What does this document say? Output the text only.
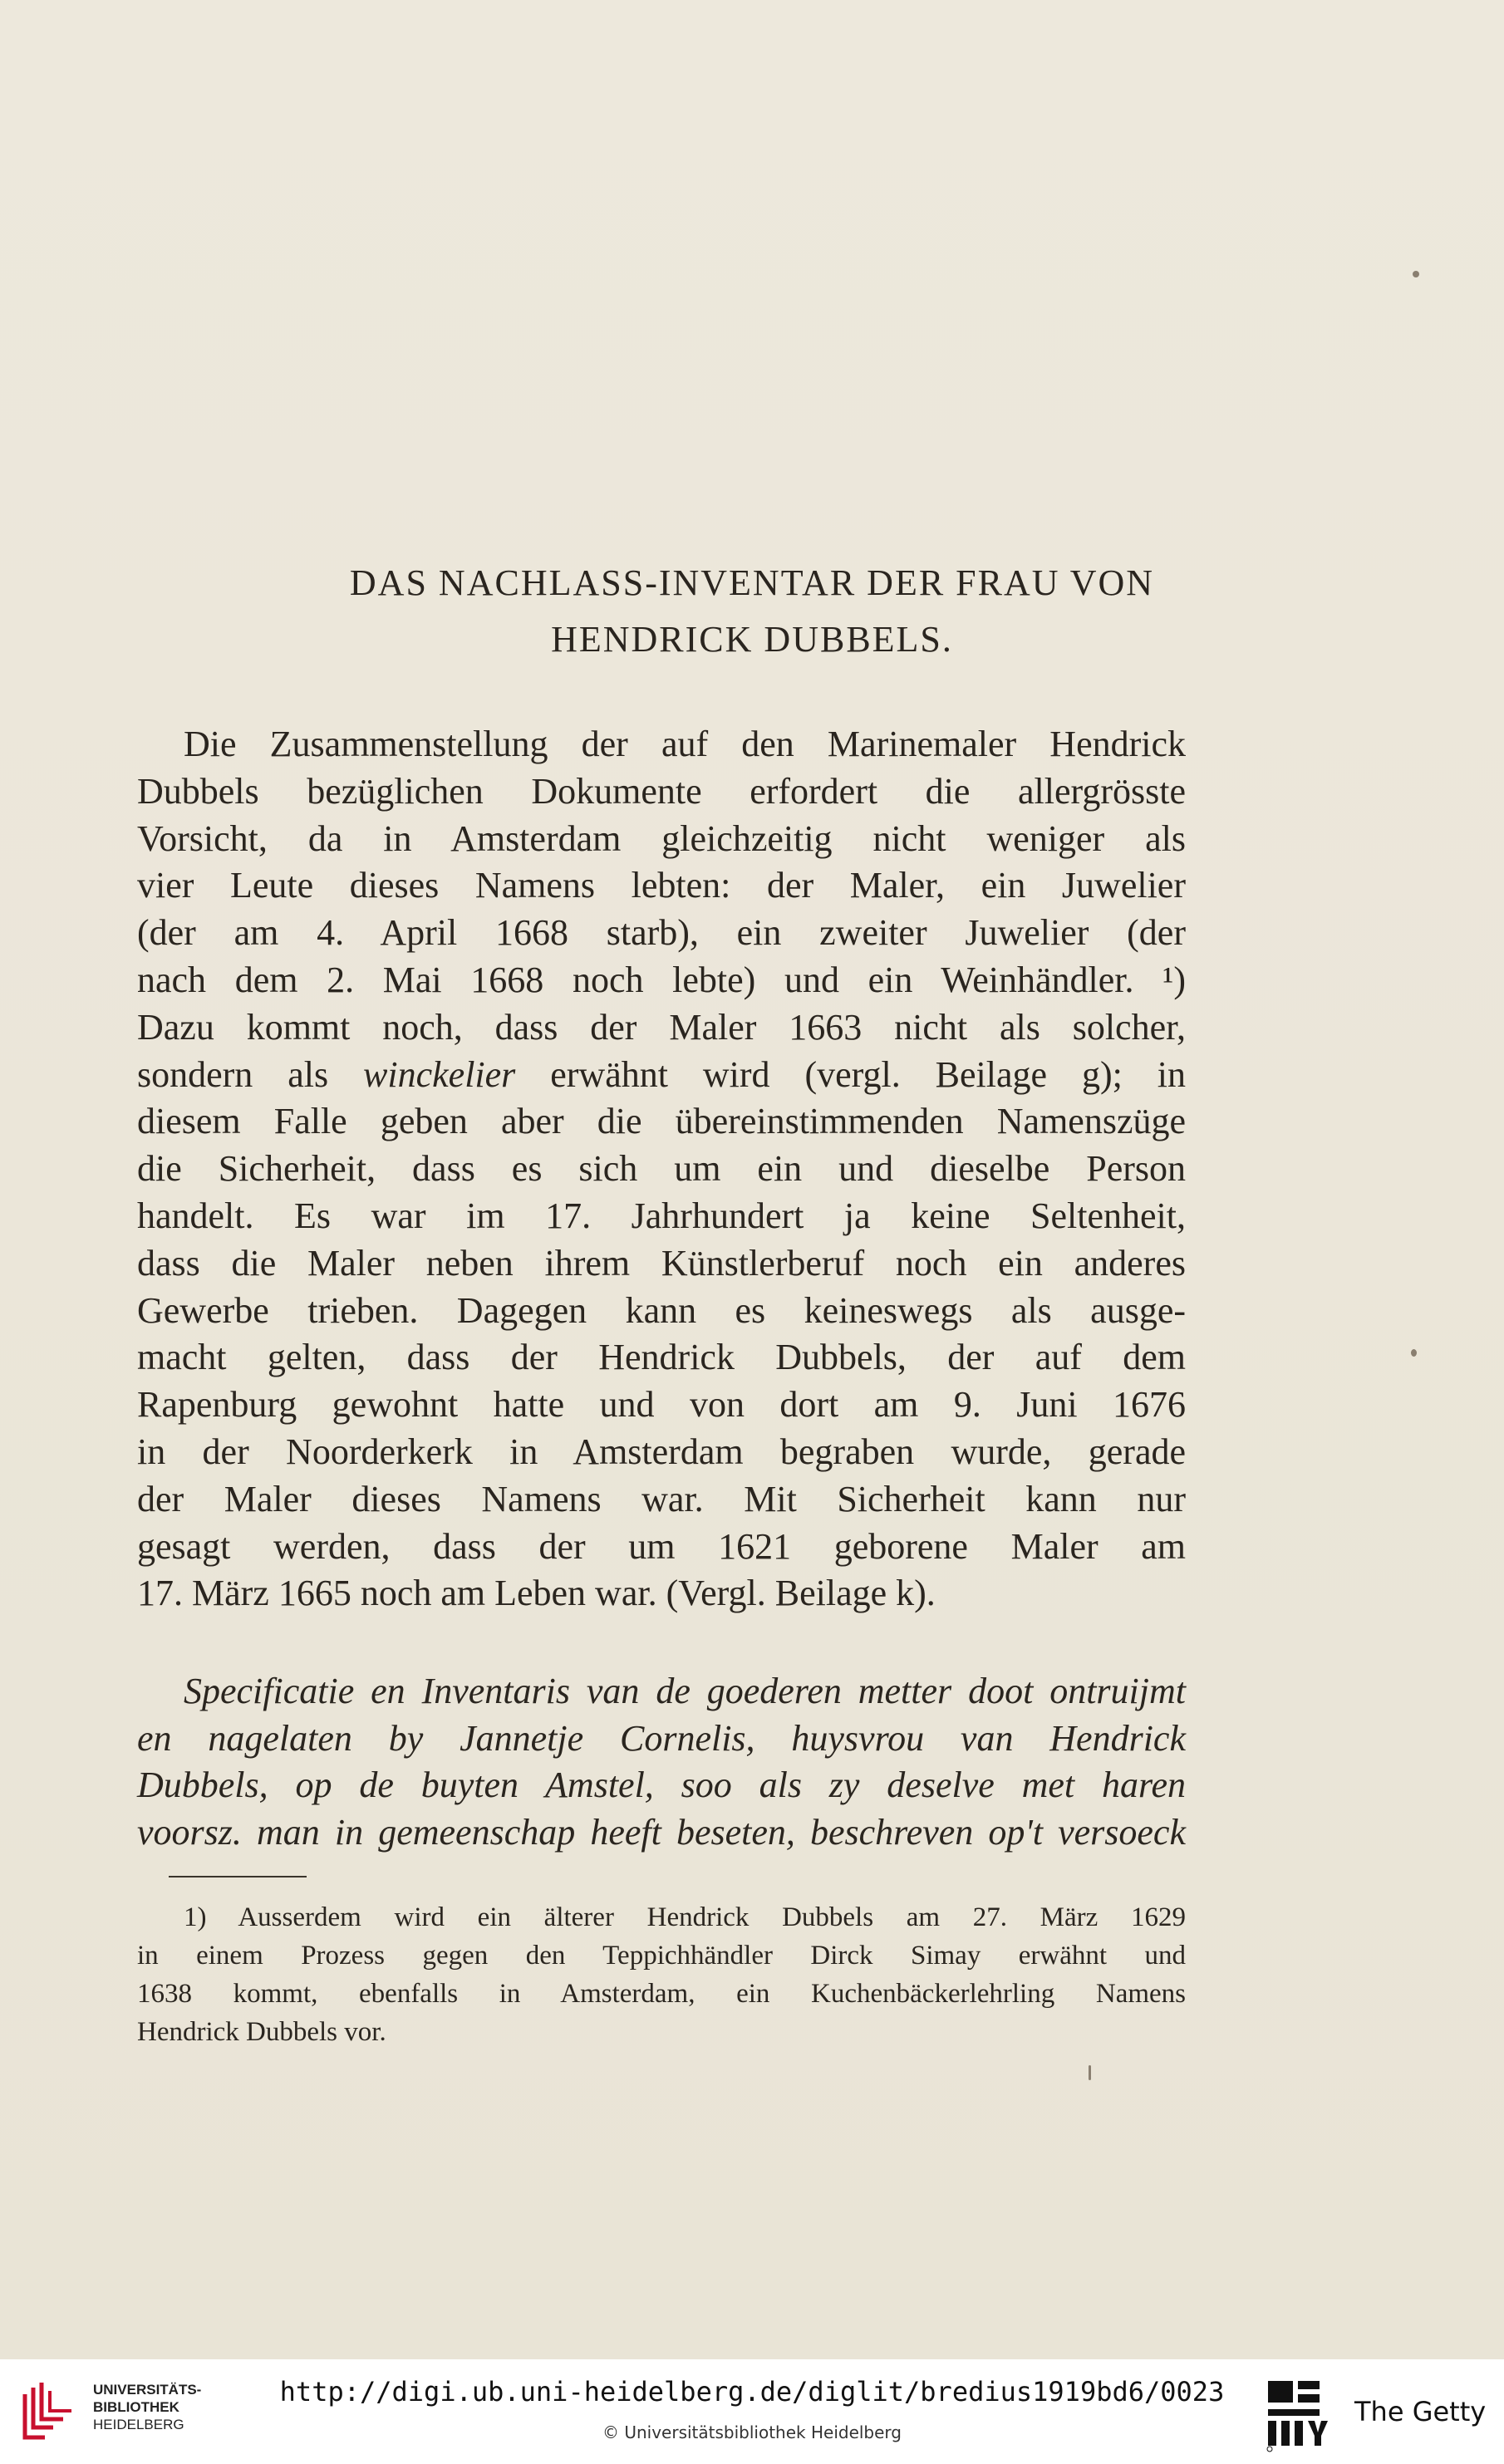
DAS NACHLASS-INVENTAR DER FRAU VON
HENDRICK DUBBELS.
Die Zusammenstellung der auf den Marinemaler Hendrick
Dubbels bezüglichen Dokumente erfordert die allergrösste
Vorsicht, da in Amsterdam gleichzeitig nicht weniger als
vier Leute dieses Namens lebten: der Maler, ein Juwelier
(der am 4. April 1668 starb), ein zweiter Juwelier (der
nach dem 2. Mai 1668 noch lebte) und ein Weinhändler. ¹)
Dazu kommt noch, dass der Maler 1663 nicht als solcher,
sondern als winckelier erwähnt wird (vergl. Beilage g); in
diesem Falle geben aber die übereinstimmenden Namenszüge
die Sicherheit, dass es sich um ein und dieselbe Person
handelt. Es war im 17. Jahrhundert ja keine Seltenheit,
dass die Maler neben ihrem Künstlerberuf noch ein anderes
Gewerbe trieben. Dagegen kann es keineswegs als ausge-
macht gelten, dass der Hendrick Dubbels, der auf dem
Rapenburg gewohnt hatte und von dort am 9. Juni 1676
in der Noorderkerk in Amsterdam begraben wurde, gerade
der Maler dieses Namens war. Mit Sicherheit kann nur
gesagt werden, dass der um 1621 geborene Maler am
17. März 1665 noch am Leben war. (Vergl. Beilage k).
Specificatie en Inventaris van de goederen metter doot ontruijmt
en nagelaten by Jannetje Cornelis, huysvrou van Hendrick
Dubbels, op de buyten Amstel, soo als zy deselve met haren
voorsz. man in gemeenschap heeft beseten, beschreven op't versoeck
1) Ausserdem wird ein älterer Hendrick Dubbels am 27. März 1629
in einem Prozess gegen den Teppichhändler Dirck Simay erwähnt und
1638 kommt, ebenfalls in Amsterdam, ein Kuchenbäckerlehrling Namens
Hendrick Dubbels vor.
UNIVERSITÄTS-
BIBLIOTHEK
HEIDELBERG
http://digi.ub.uni-heidelberg.de/diglit/bredius1919bd6/0023
© Universitätsbibliothek Heidelberg
The Getty
